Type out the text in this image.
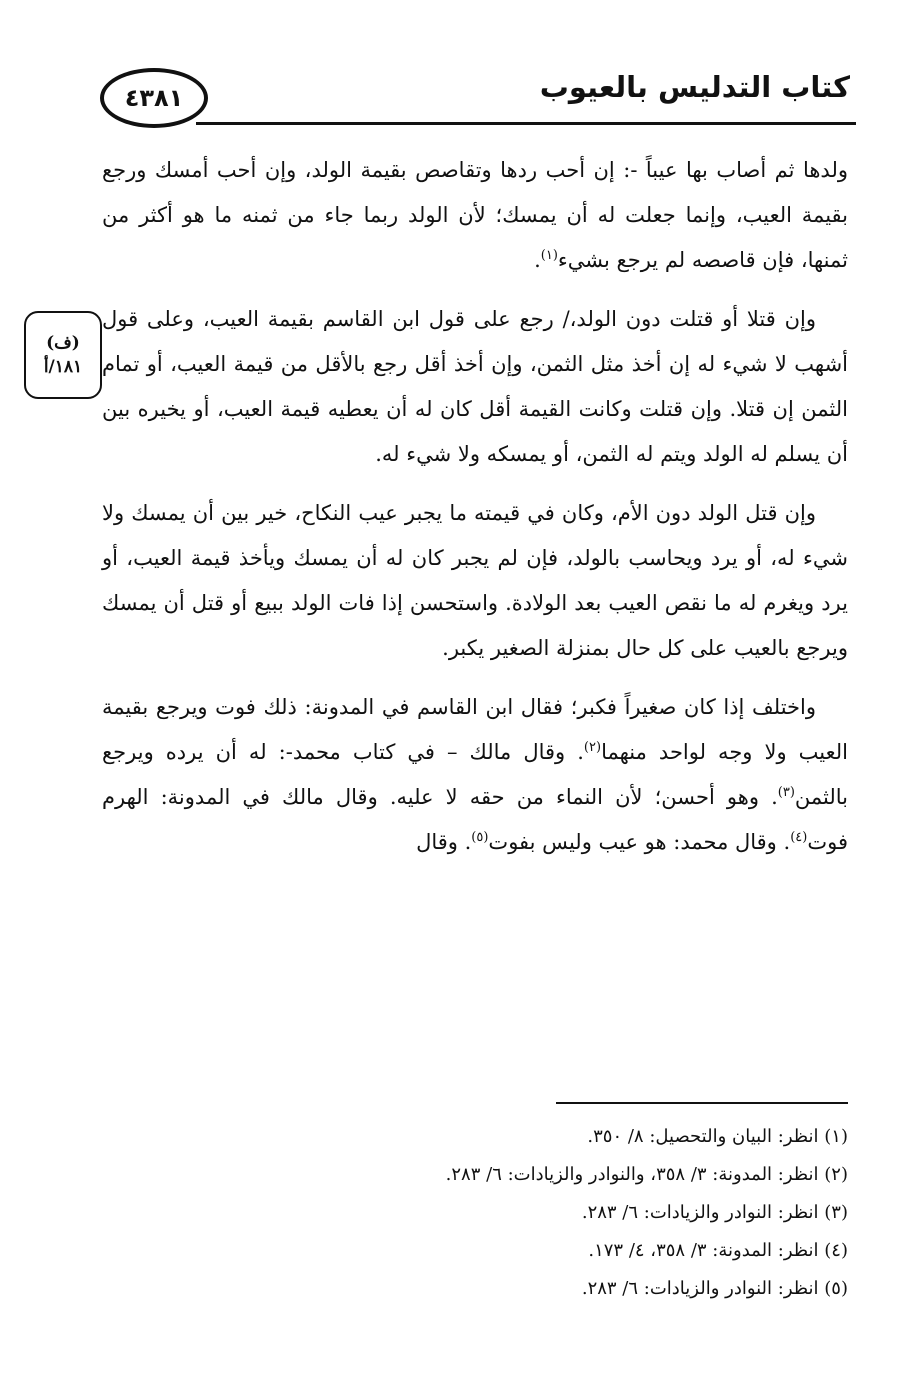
٤٣٨١	كتاب التدليس بالعيوب
(ف)
١٨١/أ

ولدها ثم أصاب بها عيباً -: إن أحب ردها وتقاصص بقيمة الولد، وإن أحب أمسك ورجع بقيمة العيب، وإنما جعلت له أن يمسك؛ لأن الولد ربما جاء من ثمنه ما هو أكثر من ثمنها، فإن قاصصه لم يرجع بشيء$^{(١)}$.

وإن قتلا أو قتلت دون الولد،/ رجع على قول ابن القاسم بقيمة العيب، وعلى قول أشهب لا شيء له إن أخذ مثل الثمن، وإن أخذ أقل رجع بالأقل من قيمة العيب، أو تمام الثمن إن قتلا. وإن قتلت وكانت القيمة أقل كان له أن يعطيه قيمة العيب، أو يخيره بين أن يسلم له الولد ويتم له الثمن، أو يمسكه ولا شيء له.

وإن قتل الولد دون الأم، وكان في قيمته ما يجبر عيب النكاح، خير بين أن يمسك ولا شيء له، أو يرد ويحاسب بالولد، فإن لم يجبر كان له أن يمسك ويأخذ قيمة العيب، أو يرد ويغرم له ما نقص العيب بعد الولادة. واستحسن إذا فات الولد ببيع أو قتل أن يمسك ويرجع بالعيب على كل حال بمنزلة الصغير يكبر.

واختلف إذا كان صغيراً فكبر؛ فقال ابن القاسم في المدونة: ذلك فوت ويرجع بقيمة العيب ولا وجه لواحد منهما$^{(٢)}$. وقال مالك – في كتاب محمد-: له أن يرده ويرجع بالثمن$^{(٣)}$. وهو أحسن؛ لأن النماء من حقه لا عليه. وقال مالك في المدونة: الهرم فوت$^{(٤)}$. وقال محمد: هو عيب وليس بفوت$^{(٥)}$. وقال

(١) انظر: البيان والتحصيل: ٨/ ٣٥٠.
(٢) انظر: المدونة: ٣/ ٣٥٨، والنوادر والزيادات: ٦/ ٢٨٣.
(٣) انظر: النوادر والزيادات: ٦/ ٢٨٣.
(٤) انظر: المدونة: ٣/ ٣٥٨، ٤/ ١٧٣.
(٥) انظر: النوادر والزيادات: ٦/ ٢٨٣.
